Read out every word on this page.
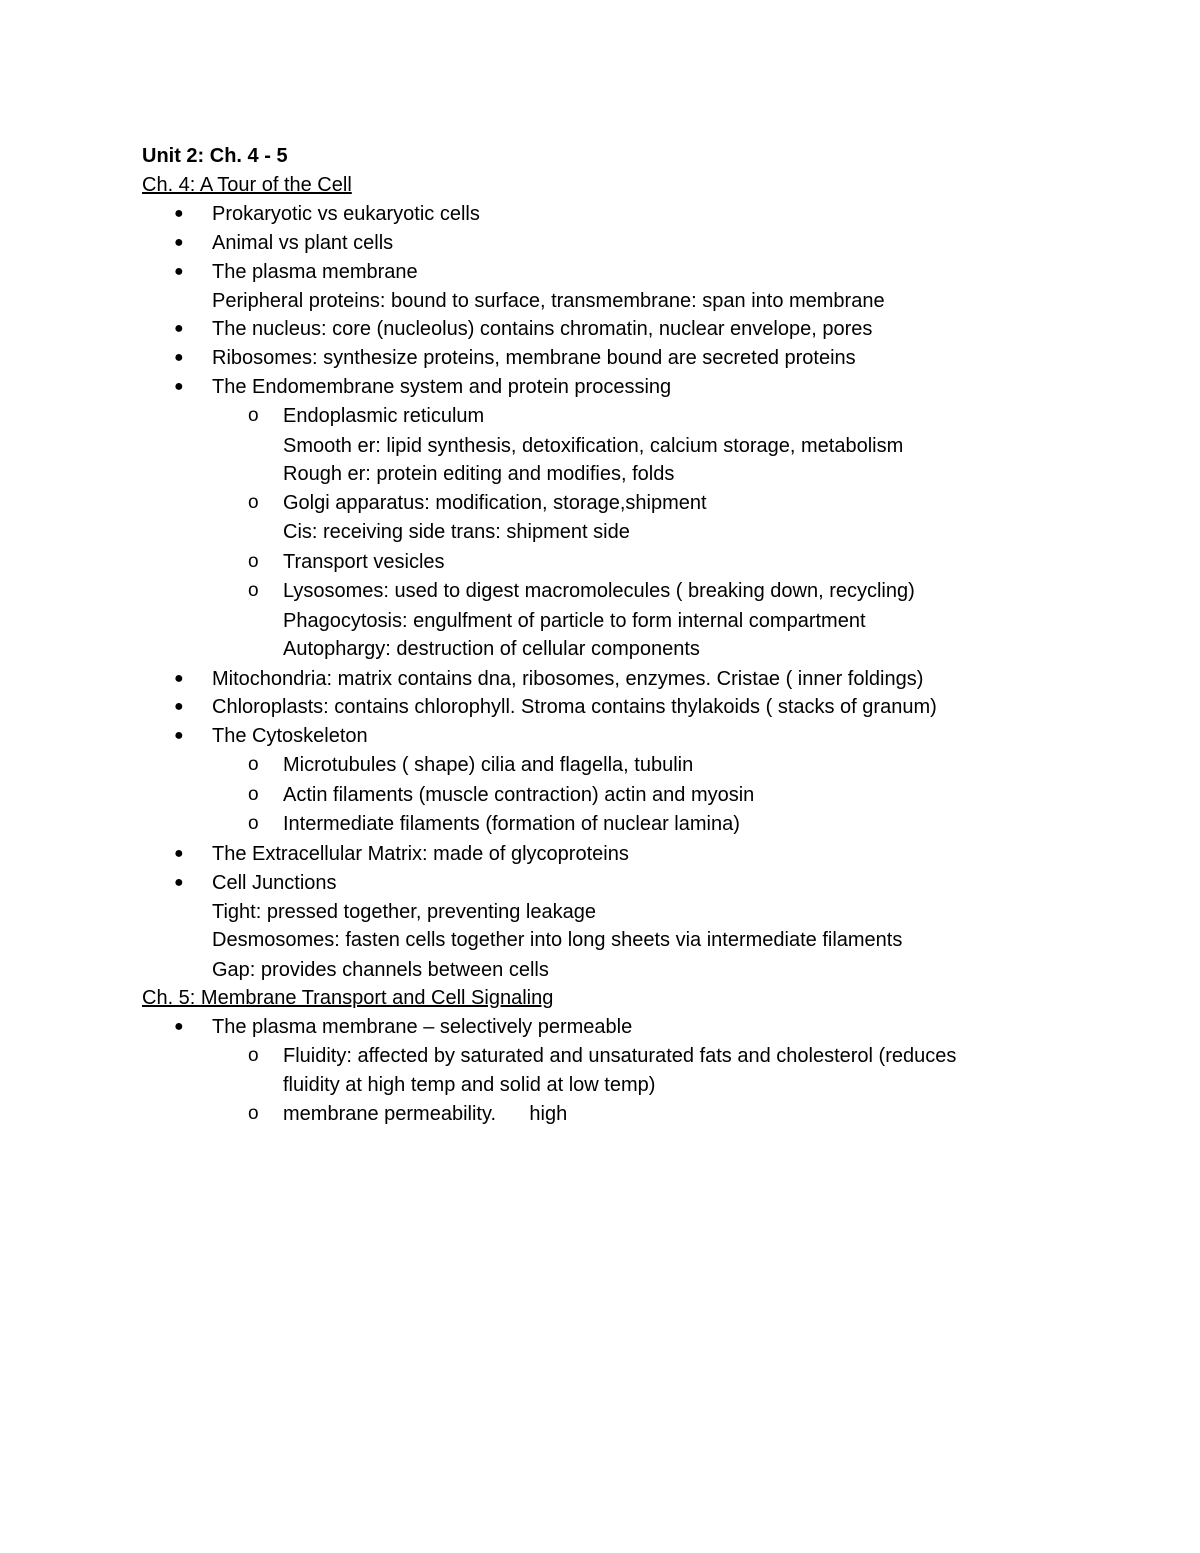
Unit 2: Ch. 4 - 5
Ch. 4: A Tour of the Cell
● Prokaryotic vs eukaryotic cells
● Animal vs plant cells
● The plasma membrane
Peripheral proteins: bound to surface, transmembrane: span into membrane
● The nucleus: core (nucleolus) contains chromatin, nuclear envelope, pores
● Ribosomes: synthesize proteins, membrane bound are secreted proteins
● The Endomembrane system and protein processing
o Endoplasmic reticulum
Smooth er: lipid synthesis, detoxification, calcium storage, metabolism
Rough er: protein editing and modifies, folds
o Golgi apparatus: modification, storage,shipment
Cis: receiving side trans: shipment side
o Transport vesicles
o Lysosomes: used to digest macromolecules ( breaking down, recycling)
Phagocytosis: engulfment of particle to form internal compartment
Autophargy: destruction of cellular components
● Mitochondria: matrix contains dna, ribosomes, enzymes. Cristae ( inner foldings)
● Chloroplasts: contains chlorophyll. Stroma contains thylakoids ( stacks of granum)
● The Cytoskeleton
o Microtubules ( shape) cilia and flagella, tubulin
o Actin filaments (muscle contraction) actin and myosin
o Intermediate filaments (formation of nuclear lamina)
● The Extracellular Matrix: made of glycoproteins
● Cell Junctions
Tight: pressed together, preventing leakage
Desmosomes: fasten cells together into long sheets via intermediate filaments
Gap: provides channels between cells
Ch. 5: Membrane Transport and Cell Signaling
● The plasma membrane – selectively permeable
o Fluidity: affected by saturated and unsaturated fats and cholesterol (reduces
fluidity at high temp and solid at low temp)
o membrane permeability.      high
